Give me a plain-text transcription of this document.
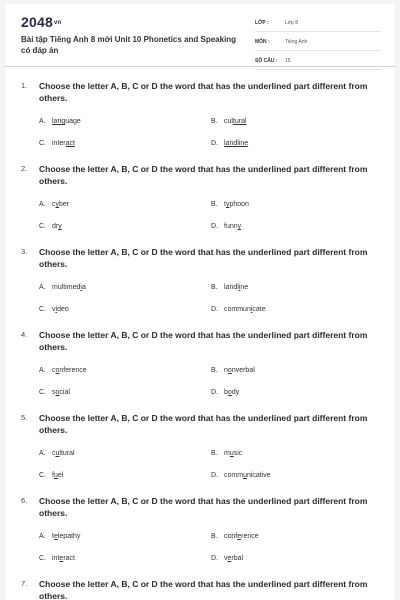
2048vn
Bài tập Tiếng Anh 8 mới Unit 10 Phonetics and Speaking có đáp án
LỚP :	Lớp 8
MÔN :	Tiếng Anh
SỐ CÂU : 15
1. Choose the letter A, B, C or D the word that has the underlined part different from others.
A. language	B. cultural
C. interact	D. landline
2. Choose the letter A, B, C or D the word that has the underlined part different from others.
A. cyber	B. typhoon
C. dry	D. funny
3. Choose the letter A, B, C or D the word that has the underlined part different from others.
A. multimedia	B. landline
C. video	D. communicate
4. Choose the letter A, B, C or D the word that has the underlined part different from others.
A. conference	B. nonverbal
C. social	D. body
5. Choose the letter A, B, C or D the word that has the underlined part different from others.
A. cultural	B. music
C. fuel	D. communicative
6. Choose the letter A, B, C or D the word that has the underlined part different from others.
A. telepathy	B. conference
C. interact	D. verbal
7. Choose the letter A, B, C or D the word that has the underlined part different from others.
